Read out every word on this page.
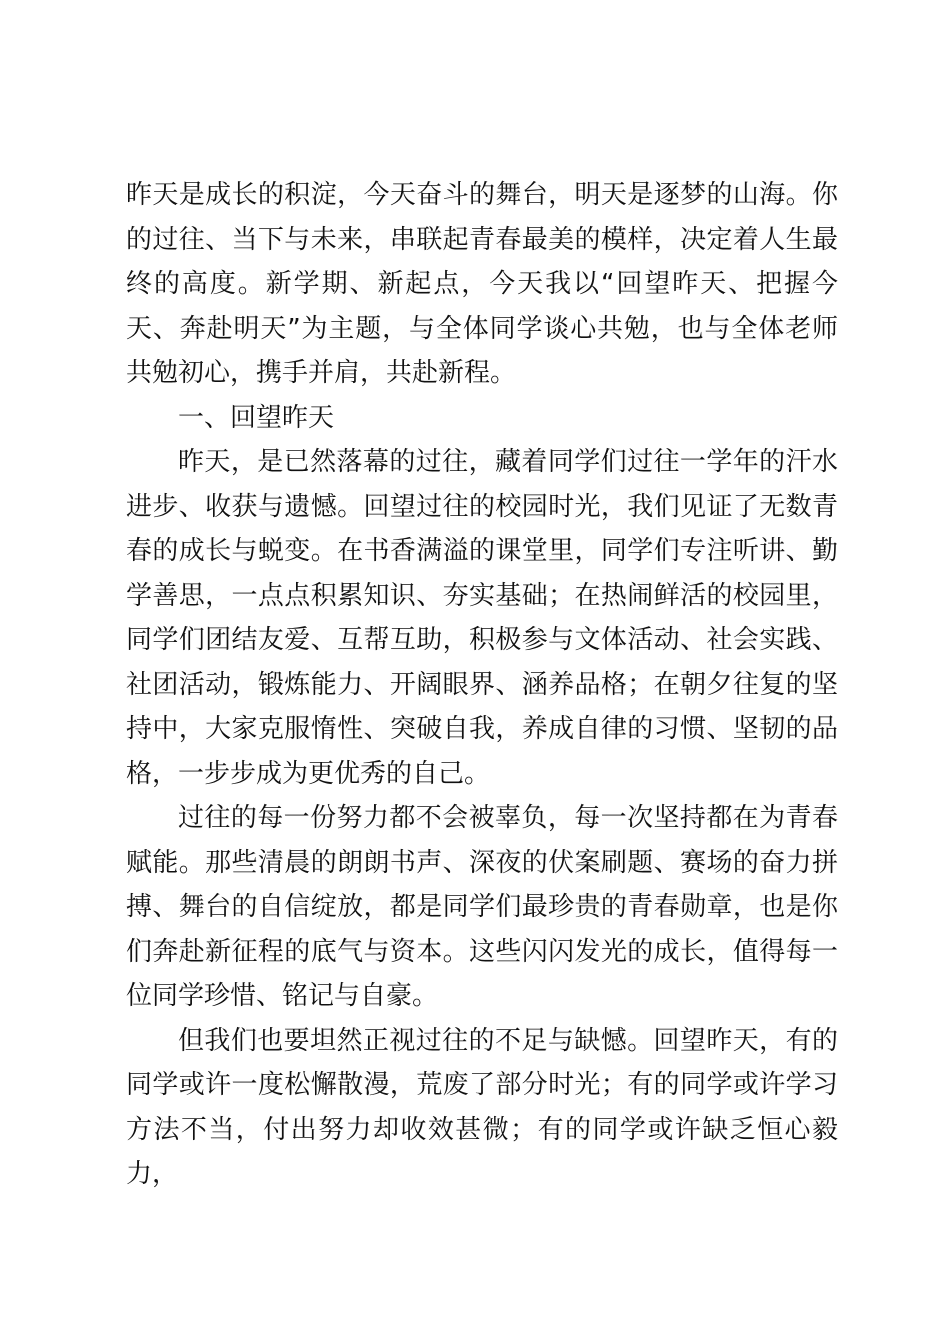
昨天是成长的积淀，今天奋斗的舞台，明天是逐梦的山海。你的过往、当下与未来，串联起青春最美的模样，决定着人生最终的高度。新学期、新起点，今天我以“回望昨天、把握今天、奔赴明天”为主题，与全体同学谈心共勉，也与全体老师共勉初心，携手并肩，共赴新程。

一、回望昨天

昨天，是已然落幕的过往，藏着同学们过往一学年的汗水进步、收获与遗憾。回望过往的校园时光，我们见证了无数青春的成长与蜕变。在书香满溢的课堂里，同学们专注听讲、勤学善思，一点点积累知识、夯实基础；在热闹鲜活的校园里，同学们团结友爱、互帮互助，积极参与文体活动、社会实践、社团活动，锻炼能力、开阔眼界、涵养品格；在朝夕往复的坚持中，大家克服惰性、突破自我，养成自律的习惯、坚韧的品格，一步步成为更优秀的自己。

过往的每一份努力都不会被辜负，每一次坚持都在为青春赋能。那些清晨的朗朗书声、深夜的伏案刷题、赛场的奋力拼搏、舞台的自信绽放，都是同学们最珍贵的青春勋章，也是你们奔赴新征程的底气与资本。这些闪闪发光的成长，值得每一位同学珍惜、铭记与自豪。

但我们也要坦然正视过往的不足与缺憾。回望昨天，有的同学或许一度松懈散漫，荒废了部分时光；有的同学或许学习方法不当，付出努力却收效甚微；有的同学或许缺乏恒心毅力，
